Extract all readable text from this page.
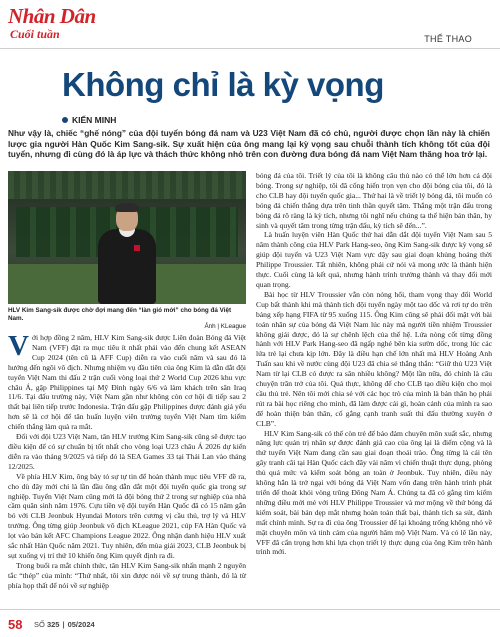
Nhân Dân
Cuối tuần	THỂ THAO
Không chỉ là kỳ vọng
KIẾN MINH

Như vậy là, chiếc “ghế nóng” của đội tuyển bóng đá nam và U23 Việt Nam đã có chủ, người được chọn lần này là chiến lược gia người Hàn Quốc Kim Sang-sik. Sự xuất hiện của ông mang lại kỳ vọng sau chuỗi thành tích không tốt của đội tuyển, nhưng đi cùng đó là áp lực và thách thức không nhỏ trên con đường đưa bóng đá nam Việt Nam thăng hoa trở lại.

HLV Kim Sang-sik được chờ đợi mang đến “làn gió mới” cho bóng đá Việt Nam.
Ảnh | KLeague

Với hợp đồng 2 năm, HLV Kim Sang-sik được Liên đoàn Bóng đá Việt Nam (VFF) đặt ra mục tiêu ít nhất phải vào đến chung kết ASEAN Cup 2024 (tên cũ là AFF Cup) diễn ra vào cuối năm và sau đó là hướng đến ngôi vô địch. Nhưng nhiệm vụ đầu tiên của ông Kim là dẫn dắt đội tuyển Việt Nam thi đấu 2 trận cuối vòng loại thứ 2 World Cup 2026 khu vực châu Á, gặp Philippines tại Mỹ Đình ngày 6/6 và làm khách trên sân Iraq 11/6. Tại đấu trường này, Việt Nam gần như không còn cơ hội đi tiếp sau 2 thất bại liên tiếp trước Indonesia. Trận đấu gặp Philippines được đánh giá yếu hơn sẽ là cơ hội để tân huấn luyện viên trưởng tuyển Việt Nam tìm kiếm chiến thắng làm quà ra mắt.

Đối với đội U23 Việt Nam, tân HLV trưởng Kim Sang-sik cũng sẽ được tạo điều kiện để có sự chuẩn bị tốt nhất cho vòng loại U23 châu Á 2026 dự kiến diễn ra vào tháng 9/2025 và tiếp đó là SEA Games 33 tại Thái Lan vào tháng 12/2025.

Về phía HLV Kim, ông bày tỏ sự tự tin để hoàn thành mục tiêu VFF đề ra, cho dù đây mới chỉ là lần đầu ông dẫn dắt một đội tuyển quốc gia trong sự nghiệp. Tuyển Việt Nam cũng mới là đội bóng thứ 2 trong sự nghiệp của nhà cầm quân sinh năm 1976. Cựu tiền vệ đội tuyển Hàn Quốc đã có 15 năm gắn bó với CLB Jeonbuk Hyundai Motors trên cương vị cầu thủ, trợ lý và HLV trưởng. Ông từng giúp Jeonbuk vô địch KLeague 2021, cúp FA Hàn Quốc và lọt vào bán kết AFC Champions League 2022. Ông nhận danh hiệu HLV xuất sắc nhất Hàn Quốc năm 2021. Tuy nhiên, đến mùa giải 2023, CLB Jeonbuk bị sụt xuống vị trí thứ 10 khiến ông Kim quyết định ra đi.

Trong buổi ra mắt chính thức, tân HLV Kim Sang-sik nhấn mạnh 2 nguyên tắc “thép” của mình: “Thứ nhất, tôi xin được nói về sự trung thành, đó là từ phía họp thất để nói về sự nghiệp

bóng đá của tôi. Triết lý của tôi là không câu thủ nào có thể lớn hơn cả đội bóng. Trong sự nghiệp, tôi đã cống hiến trọn vẹn cho đội bóng của tôi, đó là cho CLB hay đội tuyển quốc gia... Thứ hai là về triết lý bóng đá, tôi muốn có bóng đá chiến thắng dựa trên tinh thần quyết tâm. Thắng một trận đấu trong bóng đá rõ ràng là kỳ tích, nhưng tôi nghĩ nếu chúng ta thể hiện bản thân, hy sinh và quyết tâm trong từng trận đấu, kỳ tích sẽ đến...”.

Là huấn luyện viên Hàn Quốc thứ hai dẫn dắt đội tuyển Việt Nam sau 5 năm thành công của HLV Park Hang-seo, ông Kim Sang-sik được kỳ vọng sẽ giúp đội tuyển và U23 Việt Nam vực dậy sau giai đoạn khủng hoảng thời Philippe Troussier. Tất nhiên, không phải cứ nói và mong ước là thành hiện thực. Cuối cùng là kết quả, nhưng hành trình trưởng thành và thay đổi mới quan trọng.

Bài học từ HLV Troussier vẫn còn nóng hổi, tham vọng thay đổi World Cup bất thành khi mà thành tích đội tuyển ngày một tao dốc và rơi tự do trên bảng xếp hạng FIFA từ 95 xuống 115. Ông Kim cũng sẽ phải đối mặt với bài toán nhân sự của bóng đá Việt Nam lúc này mà người tiền nhiệm Troussier không giải được, đó là sự chênh lệch của thế hệ. Lứa nòng cốt từng đồng hành với HLV Park Hang-seo đã ngấp nghé bên kia sườn dốc, trong lúc các lứa trẻ lại chưa kịp lớn. Đây là điều hạn chế lớn nhất mà HLV Hoàng Anh Tuấn sau khi về nước cùng đội U23 đã chia sẻ thẳng thắn: “Giữ thủ U23 Việt Nam từ lại CLB có được ra sân nhiều không? Một lần nữa, đó chính là câu chuyện trăn trở của tôi. Quả thực, không để cho CLB tạo điều kiện cho mọi cầu thủ trẻ. Nên tôi mới chia sẻ với các học trò của mình là bản thân họ phải rút ra bài học riêng cho mình, đã làm được cái gì, hoàn cảnh của mình ra sao để hoàn thiện bản thân, cố gắng cạnh tranh suất thi đấu thường xuyên ở CLB”.

HLV Kim Sang-sik có thể còn trẻ để bảo đảm chuyên môn xuất sắc, nhưng năng lực quản trị nhân sự được đánh giá cao của ông lại là điểm cộng và là thứ tuyển Việt Nam đang cần sau giai đoạn thoái trào. Ông từng là cái tên gây tranh cãi tại Hàn Quốc cách đây vài năm vì chiến thuật thực dụng, phòng thủ quá mức và kiểm soát bóng an toàn ở Jeonbuk. Tuy nhiên, điều này không hẳn là trở ngại với bóng đá Việt Nam vốn đang trên hành trình phát triển để thoát khỏi vòng trũng Đông Nam Á. Chúng ta đã có gắng tìm kiếm những điều mới mẻ với HLV Philippe Troussier và mơ mộng về thứ bóng đá kiểm soát, bài bản dẹp mắt nhưng hoàn toàn thất bại, thành tích sa sút, đánh mất chính mình. Sự ra đi của ông Troussier để lại khoảng trống không nhỏ về mặt chuyên môn và tinh cảm của người hâm mộ Việt Nam. Và có lẽ lần này, VFF đã cẩn trọng hơn khi lựa chọn triết lý thực dụng của ông Kim trên hành trình mới.

58 SỐ 325 | 05/2024
